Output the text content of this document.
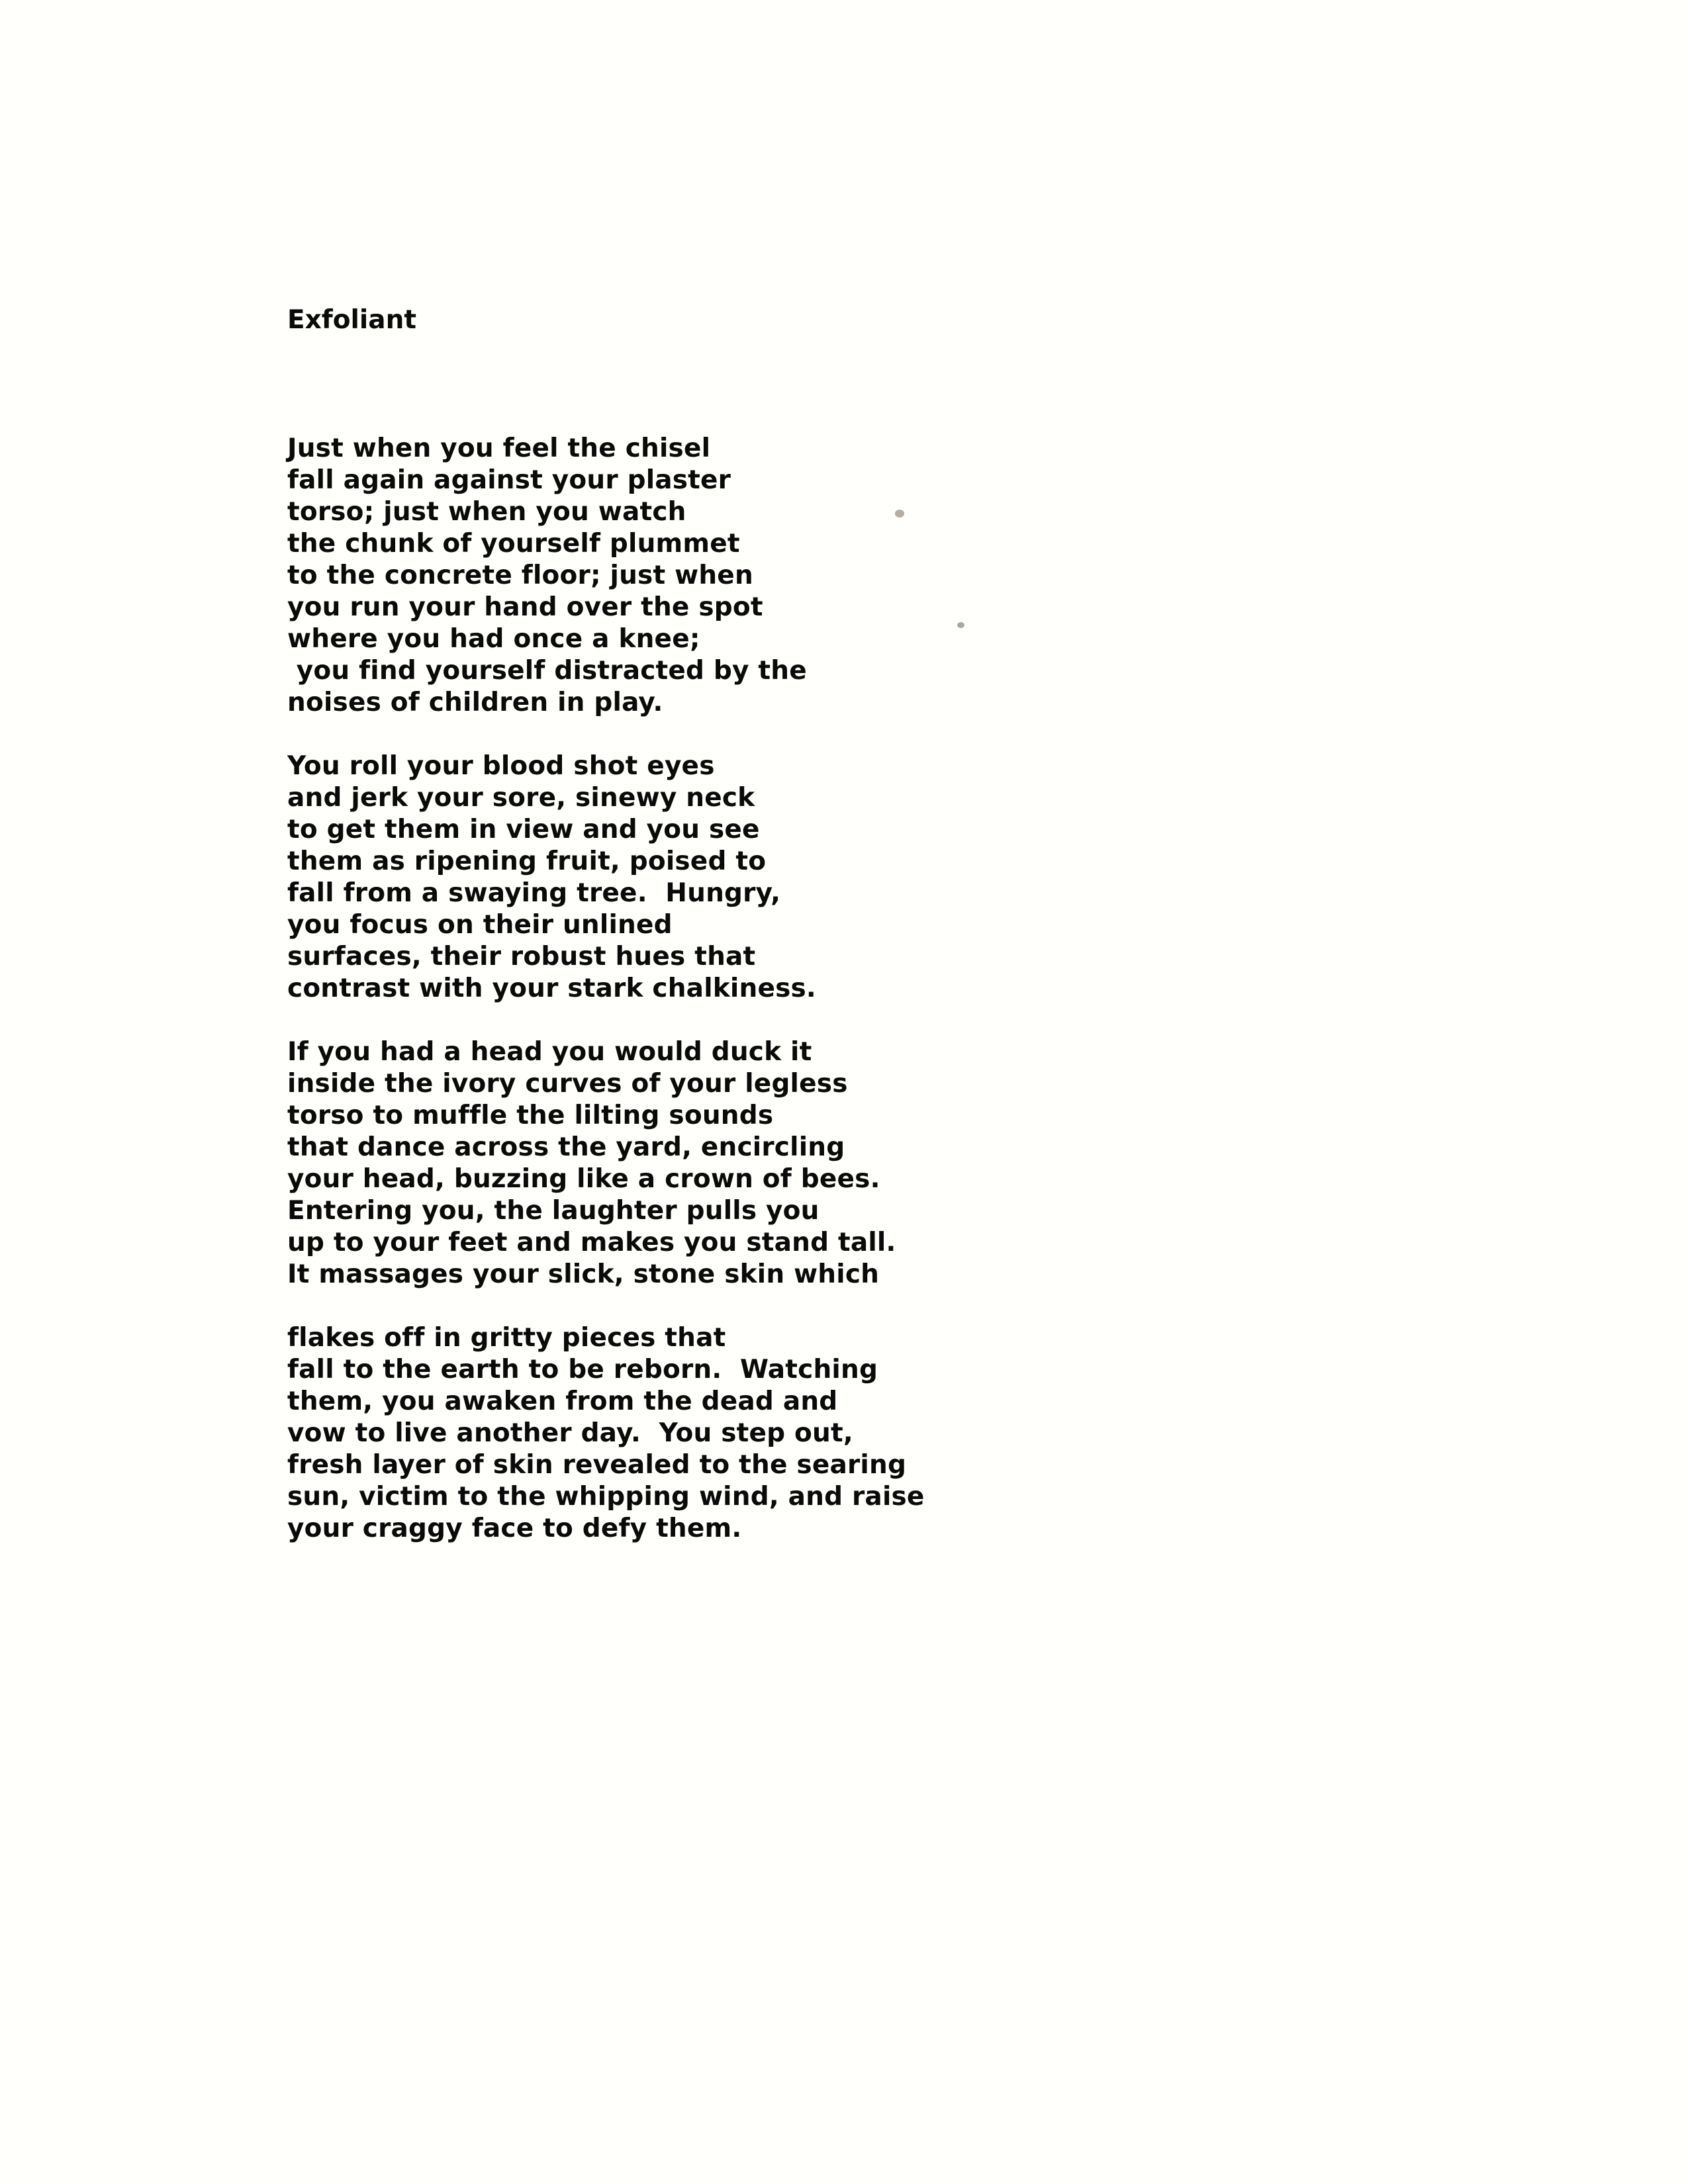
Exfoliant
Just when you feel the chisel
fall again against your plaster
torso; just when you watch
the chunk of yourself plummet
to the concrete floor; just when
you run your hand over the spot
where you had once a knee;
you find yourself distracted by the
noises of children in play.
You roll your blood shot eyes
and jerk your sore, sinewy neck
to get them in view and you see
them as ripening fruit, poised to
fall from a swaying tree.  Hungry,
you focus on their unlined
surfaces, their robust hues that
contrast with your stark chalkiness.
If you had a head you would duck it
inside the ivory curves of your legless
torso to muffle the lilting sounds
that dance across the yard, encircling
your head, buzzing like a crown of bees.
Entering you, the laughter pulls you
up to your feet and makes you stand tall.
It massages your slick, stone skin which
flakes off in gritty pieces that
fall to the earth to be reborn.  Watching
them, you awaken from the dead and
vow to live another day.  You step out,
fresh layer of skin revealed to the searing
sun, victim to the whipping wind, and raise
your craggy face to defy them.
